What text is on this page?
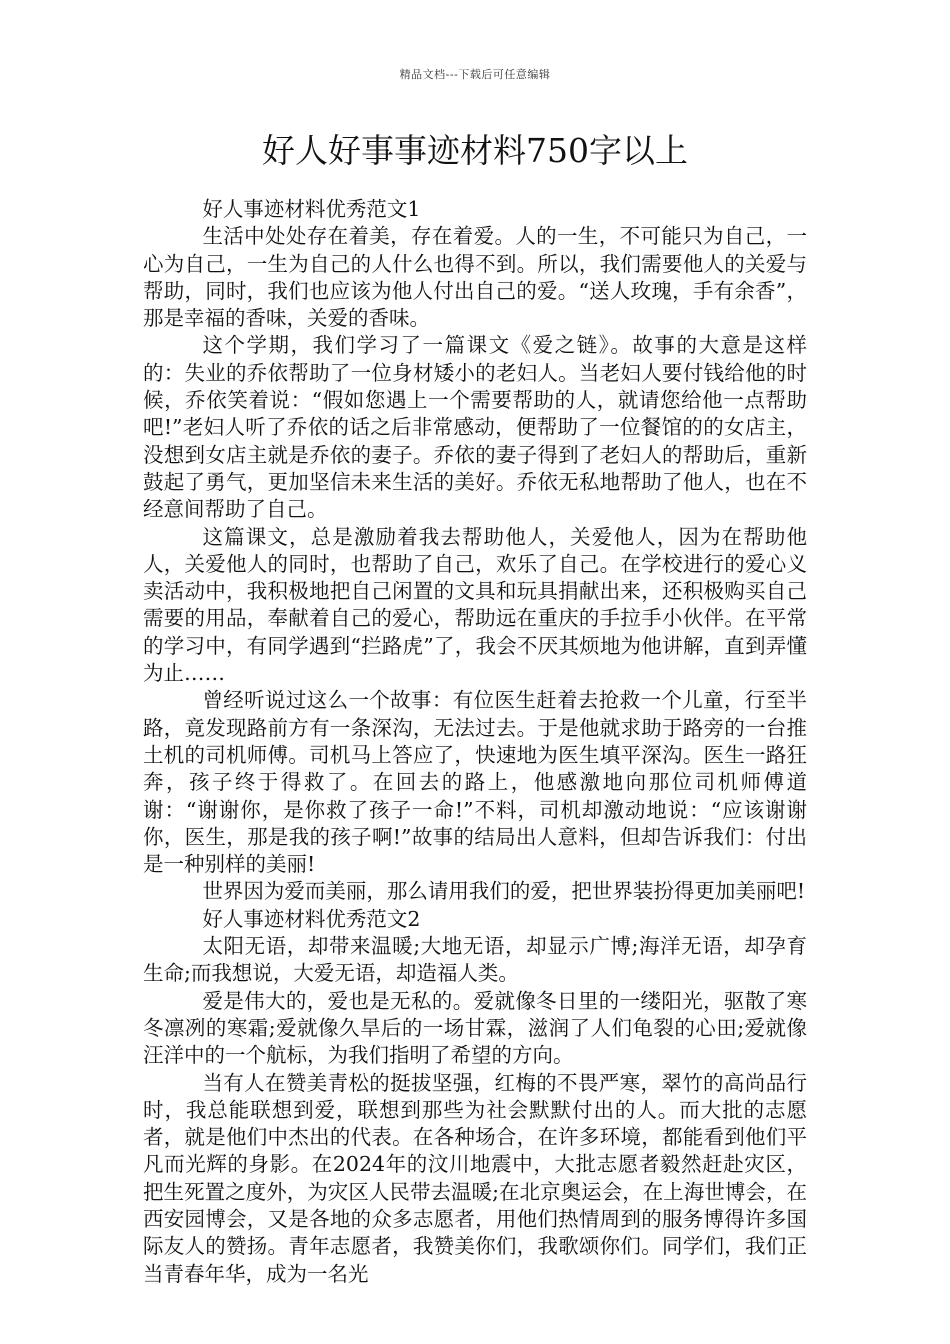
精品文档---下载后可任意编辑
好人好事事迹材料750字以上

好人事迹材料优秀范文1

生活中处处存在着美，存在着爱。人的一生，不可能只为自己，一心为自己，一生为自己的人什么也得不到。所以，我们需要他人的关爱与帮助，同时，我们也应该为他人付出自己的爱。“送人玫瑰，手有余香”，那是幸福的香味，关爱的香味。

这个学期，我们学习了一篇课文《爱之链》。故事的大意是这样的：失业的乔依帮助了一位身材矮小的老妇人。当老妇人要付钱给他的时候，乔依笑着说：“假如您遇上一个需要帮助的人，就请您给他一点帮助吧!”老妇人听了乔依的话之后非常感动，便帮助了一位餐馆的的女店主，没想到女店主就是乔依的妻子。乔依的妻子得到了老妇人的帮助后，重新鼓起了勇气，更加坚信未来生活的美好。乔依无私地帮助了他人，也在不经意间帮助了自己。

这篇课文，总是激励着我去帮助他人，关爱他人，因为在帮助他人，关爱他人的同时，也帮助了自己，欢乐了自己。在学校进行的爱心义卖活动中，我积极地把自己闲置的文具和玩具捐献出来，还积极购买自己需要的用品，奉献着自己的爱心，帮助远在重庆的手拉手小伙伴。在平常的学习中，有同学遇到“拦路虎”了，我会不厌其烦地为他讲解，直到弄懂为止……

曾经听说过这么一个故事：有位医生赶着去抢救一个儿童，行至半路，竟发现路前方有一条深沟，无法过去。于是他就求助于路旁的一台推土机的司机师傅。司机马上答应了，快速地为医生填平深沟。医生一路狂奔，孩子终于得救了。在回去的路上，他感激地向那位司机师傅道谢：“谢谢你，是你救了孩子一命!”不料，司机却激动地说：“应该谢谢你，医生，那是我的孩子啊!”故事的结局出人意料，但却告诉我们：付出是一种别样的美丽!

世界因为爱而美丽，那么请用我们的爱，把世界装扮得更加美丽吧!

好人事迹材料优秀范文2

太阳无语，却带来温暖;大地无语，却显示广博;海洋无语，却孕育生命;而我想说，大爱无语，却造福人类。

爱是伟大的，爱也是无私的。爱就像冬日里的一缕阳光，驱散了寒冬凛冽的寒霜;爱就像久旱后的一场甘霖，滋润了人们龟裂的心田;爱就像汪洋中的一个航标，为我们指明了希望的方向。

当有人在赞美青松的挺拔坚强，红梅的不畏严寒，翠竹的高尚品行时，我总能联想到爱，联想到那些为社会默默付出的人。而大批的志愿者，就是他们中杰出的代表。在各种场合，在许多环境，都能看到他们平凡而光辉的身影。在2024年的汶川地震中，大批志愿者毅然赶赴灾区，把生死置之度外，为灾区人民带去温暖;在北京奥运会，在上海世博会，在西安园博会，又是各地的众多志愿者，用他们热情周到的服务博得许多国际友人的赞扬。青年志愿者，我赞美你们，我歌颂你们。同学们，我们正当青春年华，成为一名光
